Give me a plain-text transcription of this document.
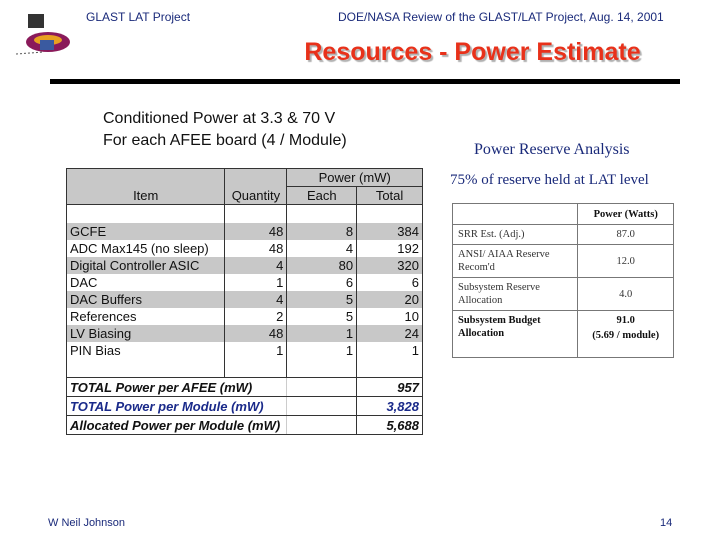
GLAST LAT Project	DOE/NASA Review of the GLAST/LAT Project, Aug. 14, 2001
Resources - Power Estimate
Conditioned Power at 3.3 & 70 V
For each AFEE board (4 / Module)
Item	Quantity	Power (mW)	
		Each	Total

GCFE	48	8	384
ADC Max145 (no sleep)	48	4	192
Digital Controller ASIC	4	80	320
DAC	1	6	6
DAC Buffers	4	5	20
References	2	5	10
LV Biasing	48	1	24
PIN Bias	1	1	1

TOTAL Power per AFEE (mW)			957
TOTAL Power per Module (mW)			3,828
Allocated Power per Module (mW)			5,688
Power Reserve Analysis
75% of reserve held at LAT level
	Power (Watts)
SRR Est. (Adj.)	87.0
ANSI/ AIAA Reserve Recom'd	12.0
Subsystem Reserve Allocation	4.0
Subsystem Budget Allocation	91.0
(5.69 / module)
W Neil Johnson	14
